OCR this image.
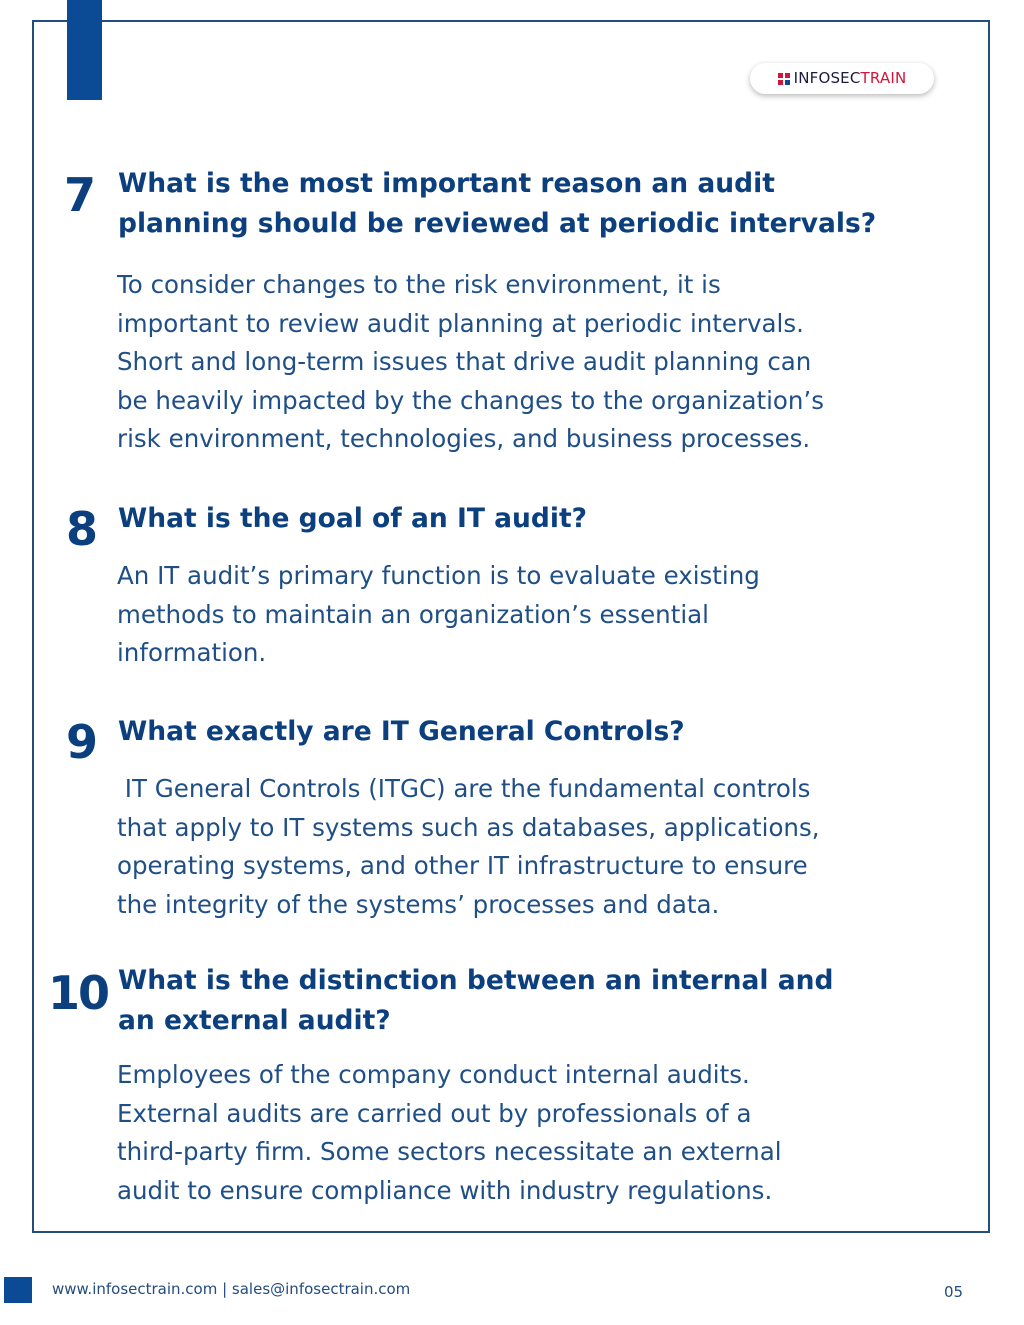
INFOSECTRAIN
7 What is the most important reason an audit
planning should be reviewed at periodic intervals?

To consider changes to the risk environment, it is
important to review audit planning at periodic intervals.
Short and long-term issues that drive audit planning can
be heavily impacted by the changes to the organization’s
risk environment, technologies, and business processes.

8 What is the goal of an IT audit?

An IT audit’s primary function is to evaluate existing
methods to maintain an organization’s essential
information.

9 What exactly are IT General Controls?

IT General Controls (ITGC) are the fundamental controls
that apply to IT systems such as databases, applications,
operating systems, and other IT infrastructure to ensure
the integrity of the systems’ processes and data.

10 What is the distinction between an internal and
an external audit?

Employees of the company conduct internal audits.
External audits are carried out by professionals of a
third-party firm. Some sectors necessitate an external
audit to ensure compliance with industry regulations.

www.infosectrain.com | sales@infosectrain.com	05
